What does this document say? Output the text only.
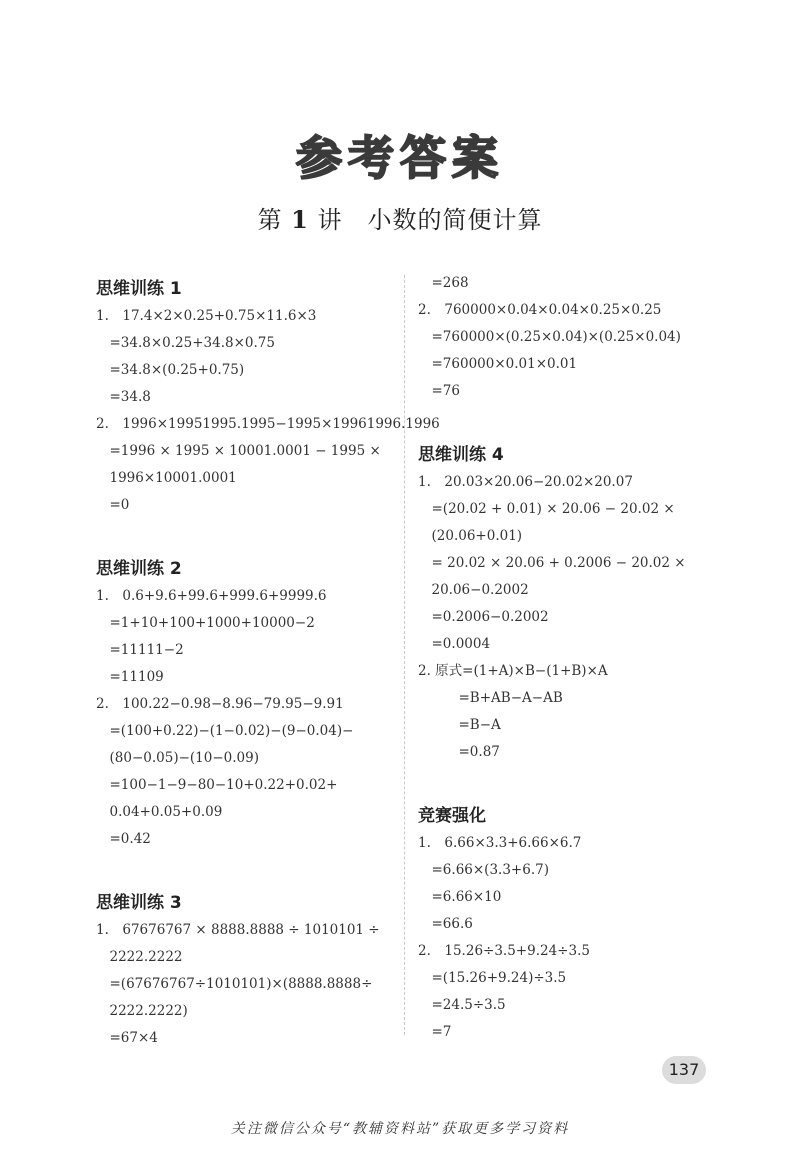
参考答案
第 1 讲　小数的简便计算
思维训练 1
1.　17.4×2×0.25+0.75×11.6×3
　=34.8×0.25+34.8×0.75
　=34.8×(0.25+0.75)
　=34.8
2.　1996×19951995.1995−1995×19961996.1996
　=1996 × 1995 × 10001.0001 − 1995 ×
　1996×10001.0001
　=0
思维训练 2
1.　0.6+9.6+99.6+999.6+9999.6
　=1+10+100+1000+10000−2
　=11111−2
　=11109
2.　100.22−0.98−8.96−79.95−9.91
　=(100+0.22)−(1−0.02)−(9−0.04)−
　(80−0.05)−(10−0.09)
　=100−1−9−80−10+0.22+0.02+
　0.04+0.05+0.09
　=0.42
思维训练 3
1.　67676767 × 8888.8888 ÷ 1010101 ÷
　2222.2222
　=(67676767÷1010101)×(8888.8888÷
　2222.2222)
　=67×4
　=268
2.　760000×0.04×0.04×0.25×0.25
　=760000×(0.25×0.04)×(0.25×0.04)
　=760000×0.01×0.01
　=76
思维训练 4
1.　20.03×20.06−20.02×20.07
　=(20.02 + 0.01) × 20.06 − 20.02 ×
　(20.06+0.01)
　= 20.02 × 20.06 + 0.2006 − 20.02 ×
　20.06−0.2002
　=0.2006−0.2002
　=0.0004
2. 原式=(1+A)×B−(1+B)×A
　　　=B+AB−A−AB
　　　=B−A
　　　=0.87
竞赛强化
1.　6.66×3.3+6.66×6.7
　=6.66×(3.3+6.7)
　=6.66×10
　=66.6
2.　15.26÷3.5+9.24÷3.5
　=(15.26+9.24)÷3.5
　=24.5÷3.5
　=7
137
关注微信公众号“教辅资料站”获取更多学习资料
